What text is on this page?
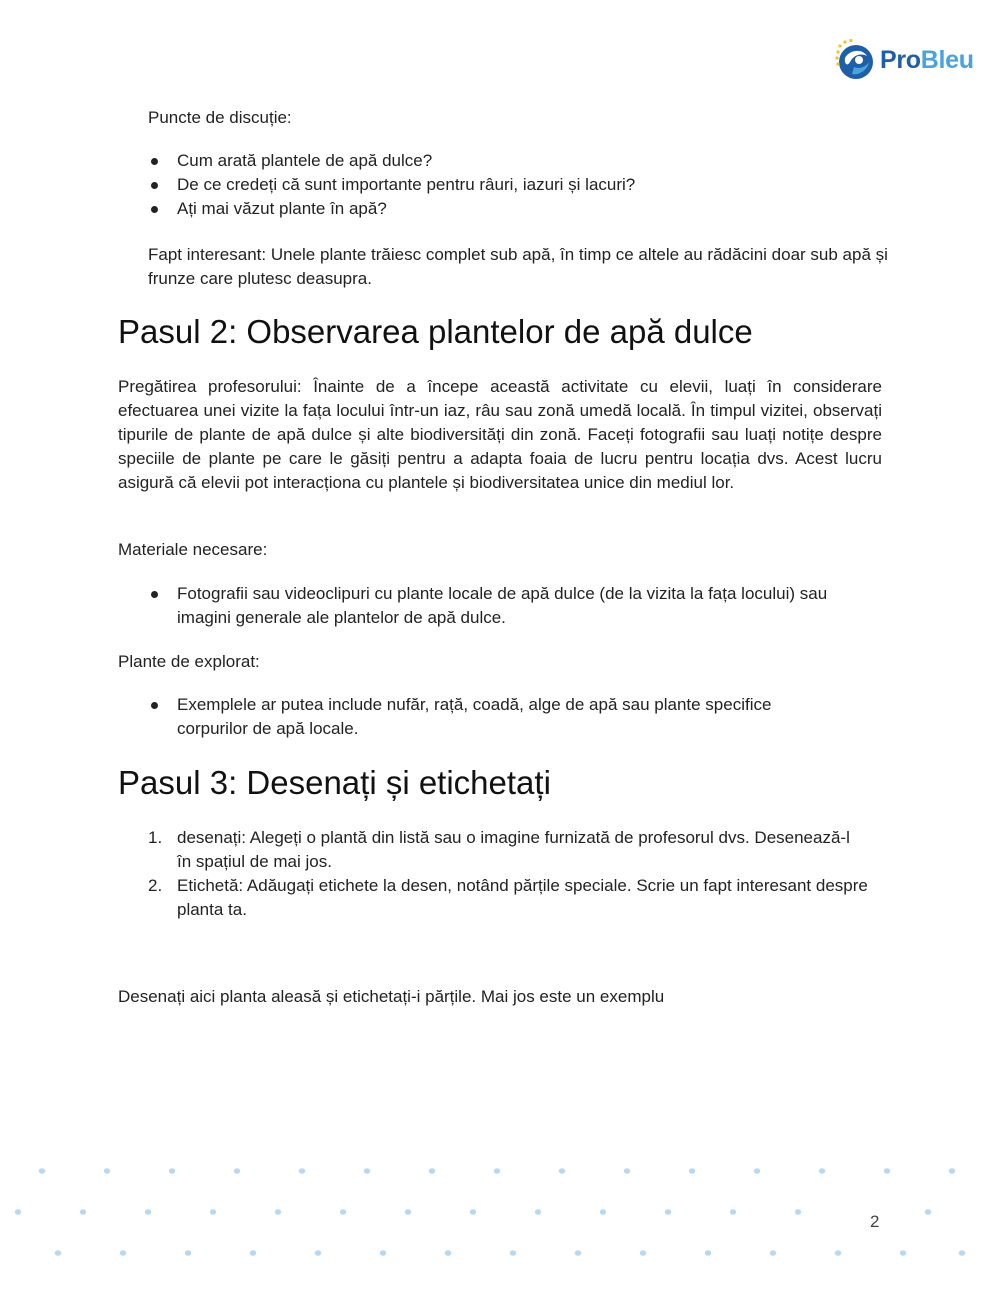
ProBleu

Puncte de discuție:

Cum arată plantele de apă dulce?
De ce credeți că sunt importante pentru râuri, iazuri și lacuri?
Ați mai văzut plante în apă?

Fapt interesant: Unele plante trăiesc complet sub apă, în timp ce altele au rădăcini doar sub apă și frunze care plutesc deasupra.

Pasul 2: Observarea plantelor de apă dulce

Pregătirea profesorului: Înainte de a începe această activitate cu elevii, luați în considerare efectuarea unei vizite la fața locului într-un iaz, râu sau zonă umedă locală. În timpul vizitei, observați tipurile de plante de apă dulce și alte biodiversități din zonă. Faceți fotografii sau luați notițe despre speciile de plante pe care le găsiți pentru a adapta foaia de lucru pentru locația dvs. Acest lucru asigură că elevii pot interacționa cu plantele și biodiversitatea unice din mediul lor.

Materiale necesare:

Fotografii sau videoclipuri cu plante locale de apă dulce (de la vizita la fața locului) sau imagini generale ale plantelor de apă dulce.

Plante de explorat:

Exemplele ar putea include nufăr, rață, coadă, alge de apă sau plante specifice corpurilor de apă locale.
Pasul 3: Desenați și etichetați
1. desenați: Alegeți o plantă din listă sau o imagine furnizată de profesorul dvs. Desenează-l în spațiul de mai jos.
2. Etichetă: Adăugați etichete la desen, notând părțile speciale. Scrie un fapt interesant despre planta ta.

Desenați aici planta aleasă și etichetați-i părțile. Mai jos este un exemplu

2
